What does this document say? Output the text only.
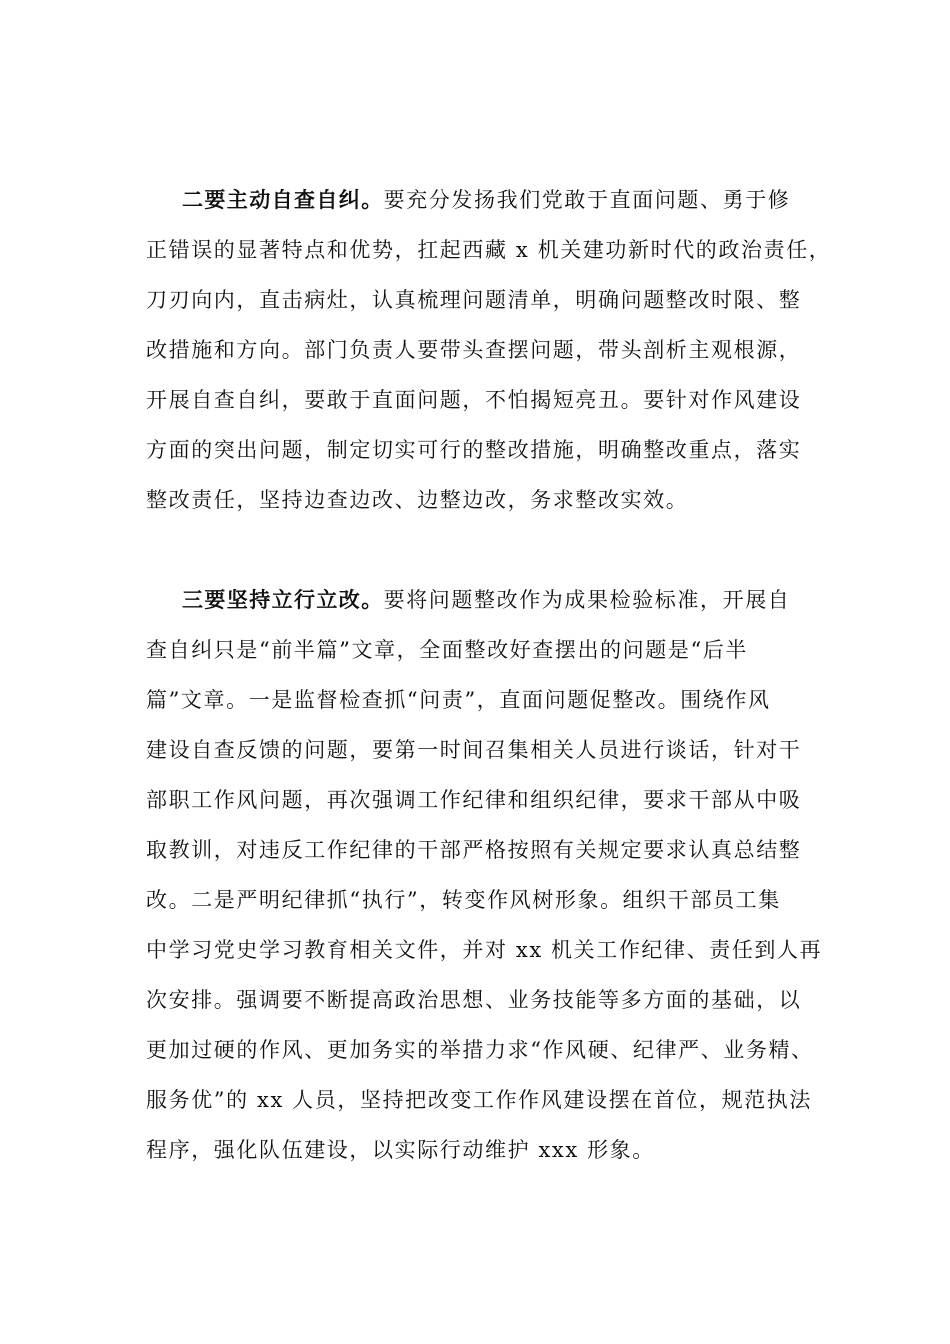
二要主动自查自纠。要充分发扬我们党敢于直面问题、勇于修
正错误的显著特点和优势，扛起西藏 x 机关建功新时代的政治责任，
刀刃向内，直击病灶，认真梳理问题清单，明确问题整改时限、整
改措施和方向。部门负责人要带头查摆问题，带头剖析主观根源，
开展自查自纠，要敢于直面问题，不怕揭短亮丑。要针对作风建设
方面的突出问题，制定切实可行的整改措施，明确整改重点，落实
整改责任，坚持边查边改、边整边改，务求整改实效。
三要坚持立行立改。要将问题整改作为成果检验标准，开展自
查自纠只是“前半篇”文章，全面整改好查摆出的问题是“后半
篇”文章。一是监督检查抓“问责”，直面问题促整改。围绕作风
建设自查反馈的问题，要第一时间召集相关人员进行谈话，针对干
部职工作风问题，再次强调工作纪律和组织纪律，要求干部从中吸
取教训，对违反工作纪律的干部严格按照有关规定要求认真总结整
改。二是严明纪律抓“执行”，转变作风树形象。组织干部员工集
中学习党史学习教育相关文件，并对 xx 机关工作纪律、责任到人再
次安排。强调要不断提高政治思想、业务技能等多方面的基础，以
更加过硬的作风、更加务实的举措力求“作风硬、纪律严、业务精、
服务优”的 xx 人员，坚持把改变工作作风建设摆在首位，规范执法
程序，强化队伍建设，以实际行动维护 xxx 形象。
